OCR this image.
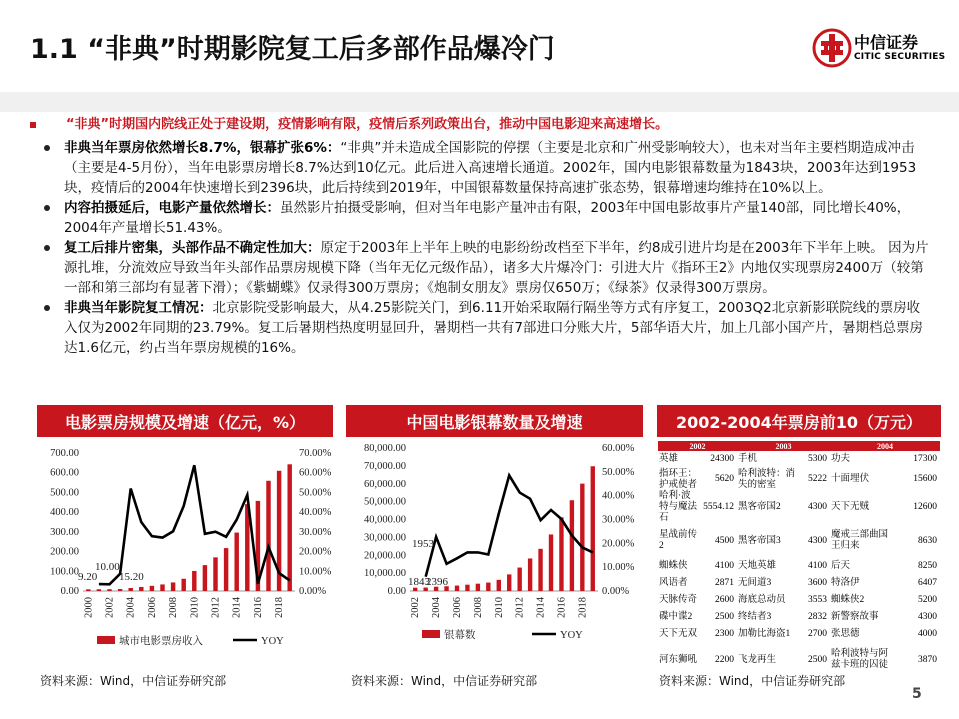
1.1 “非典”时期影院复工后多部作品爆冷门	中信证券
CITIC SECURITIES
“非典”时期国内院线正处于建设期，疫情影响有限，疫情后系列政策出台，推动中国电影迎来高速增长。
非典当年票房依然增长8.7%，银幕扩张6%：“非典”并未造成全国影院的停摆（主要是北京和广州受影响较大），也未对当年主要档期造成冲击（主要是4-5月份），当年电影票房增长8.7%达到10亿元。此后进入高速增长通道。2002年，国内电影银幕数量为1843块，2003年达到1953块，疫情后的2004年快速增长到2396块，此后持续到2019年，中国银幕数量保持高速扩张态势，银幕增速均维持在10%以上。
内容拍摄延后，电影产量依然增长：虽然影片拍摄受影响，但对当年电影产量冲击有限，2003年中国电影故事片产量140部，同比增长40%，2004年产量增长51.43%。
复工后排片密集，头部作品不确定性加大：原定于2003年上半年上映的电影纷纷改档至下半年，约8成引进片均是在2003年下半年上映。 因为片源扎堆，分流效应导致当年头部作品票房规模下降（当年无亿元级作品），诸多大片爆冷门：引进大片《指环王2》内地仅实现票房2400万（较第一部和第三部均有显著下滑）；《紫蝴蝶》仅录得300万票房；《炮制女朋友》票房仅650万；《绿茶》仅录得300万票房。
非典当年影院复工情况：北京影院受影响最大，从4.25影院关门，到6.11开始采取隔行隔坐等方式有序复工，2003Q2北京新影联院线的票房收入仅为2002年同期的23.79%。复工后暑期档热度明显回升，暑期档一共有7部进口分账大片，5部华语大片，加上几部小国产片，暑期档总票房达1.6亿元，约占当年票房规模的16%。
电影票房规模及增速（亿元，%）	中国电影银幕数量及增速	2002-2004年票房前10（万元）
0.00
100.00
200.00
300.00
400.00
500.00
600.00
700.00
0.00%
10.00%
20.00%
30.00%
40.00%
50.00%
60.00%
70.00%
2000 2002 2004 2006 2008 2010 2012 2014 2016 2018
9.20
10.00
15.20
城市电影票房收入	YOY
0.00
10,000.00
20,000.00
30,000.00
40,000.00
50,000.00
60,000.00
70,000.00
80,000.00
0.00%
10.00%
20.00%
30.00%
40.00%
50.00%
60.00%
2002 2004 2006 2008 2010 2012 2014 2016 2018
1953
1843
2396
银幕数	YOY
2002		2003		2004	
英雄	24300	手机	5300	功夫	17300
指环王：护戒使者	5620	哈利波特：消失的密室	5222	十面埋伏	15600
哈利·波特与魔法石	5554.12	黑客帝国2	4300	天下无贼	12600
星战前传2	4500	黑客帝国3	4300	魔戒三部曲国王归来	8630
蜘蛛侠	4100	天地英雄	4100	后天	8250
风语者	2871	无间道3	3600	特洛伊	6407
天脉传奇	2600	海底总动员	3553	蜘蛛侠2	5200
碟中谍2	2500	终结者3	2832	新警察故事	4300
天下无双	2300	加勒比海盗1	2700	张思德	4000
河东狮吼	2200	飞龙再生	2500	哈利波特与阿兹卡班的囚徒	3870
资料来源：Wind，中信证券研究部	资料来源：Wind，中信证券研究部	资料来源：Wind，中信证券研究部
5
